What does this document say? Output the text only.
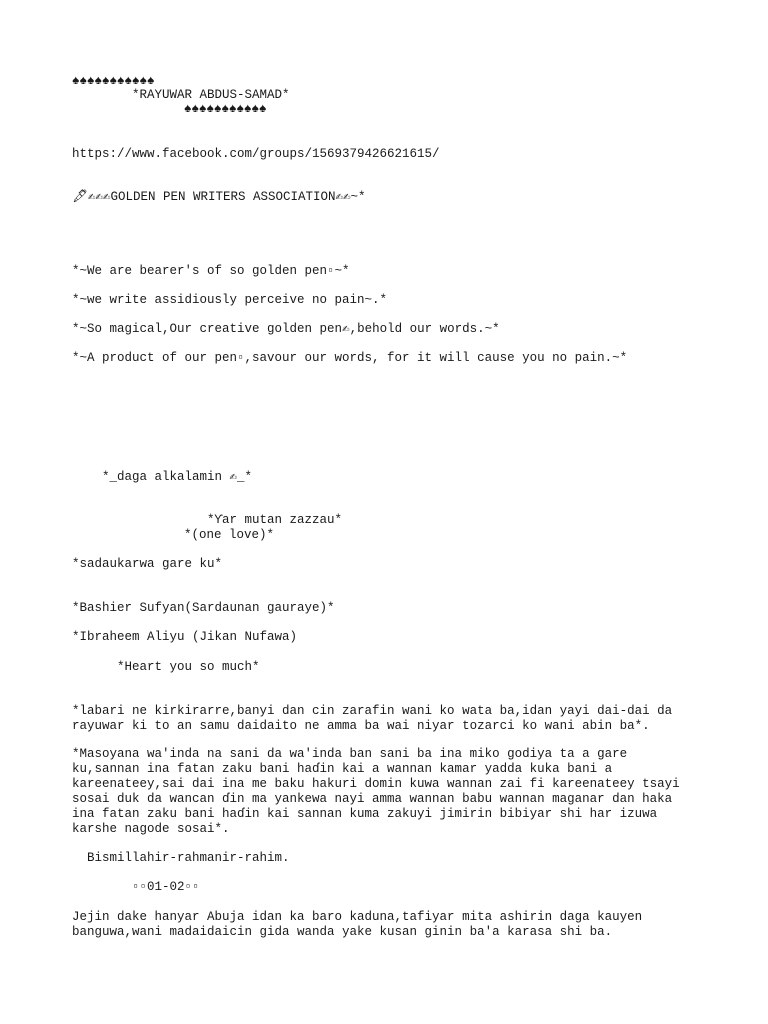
♠♠♠♠♠♠♠♠♠♠♠
*RAYUWAR ABDUS-SAMAD*
♠♠♠♠♠♠♠♠♠♠♠
https://www.facebook.com/groups/1569379426621615/
🖋✍✍✍GOLDEN PEN WRITERS ASSOCIATION✍✍~*
*~We are bearer's of so golden pen▫~*
*~we write assidiously perceive no pain~.*
*~So magical,Our creative golden pen✍,behold our words.~*
*~A product of our pen▫,savour our words, for it will cause you no pain.~*
*_daga alkalamin ✍_*
*Ƴar mutan zazzau*
*(one love)*
*sadaukarwa gare ku*
*Bashier Sufyan(Sardaunan gauraye)*
*Ibraheem Aliyu (Jikan Nufawa)
*Heart you so much*
*labari ne kirkirarre,banyi dan cin zarafin wani ko wata ba,idan yayi dai-dai da rayuwar ki to an samu daidaito ne amma ba wai niyar tozarci ko wani abin ba*.
*Masoyana wa'inda na sani da wa'inda ban sani ba ina miko godiya ta a gare ku,sannan ina fatan zaku bani haɗin kai a wannan kamar yadda kuka bani a kareenateey,sai dai ina me baku hakuri domin kuwa wannan zai fi kareenateey tsayi sosai duk da wancan ɗin ma yankewa nayi amma wannan babu wannan maganar dan haka ina fatan zaku bani haɗin kai sannan kuma zakuyi jimirin bibiyar shi har izuwa karshe nagode sosai*.
Bismillahir-rahmanir-rahim.
▫▫01-02▫▫
Jejin dake hanyar Abuja idan ka baro kaduna,tafiyar mita ashirin daga kauyen banguwa,wani madaidaicin gida wanda yake kusan ginin ba'a karasa shi ba.
